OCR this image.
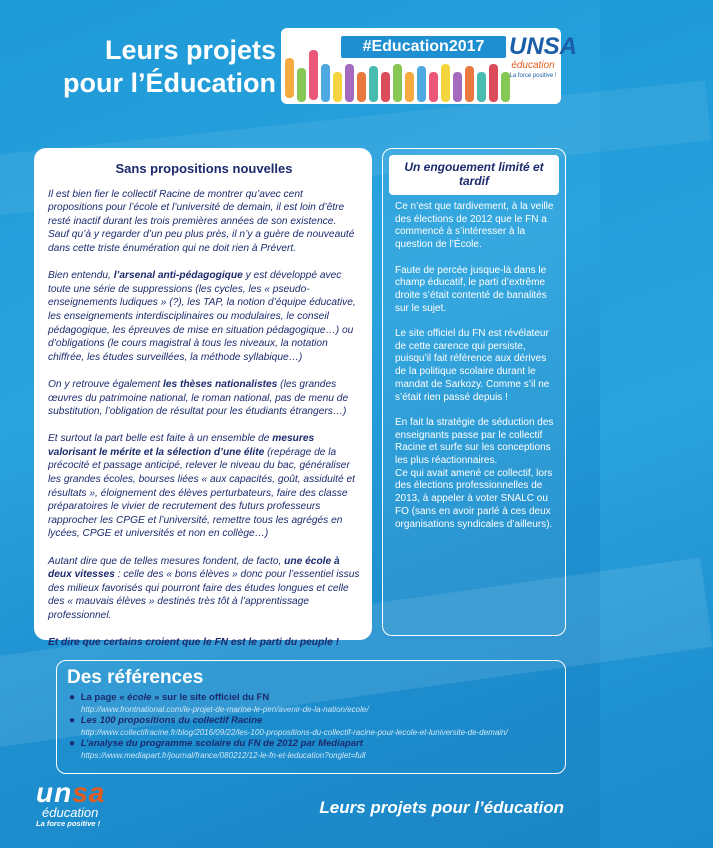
Leurs projets
pour l’Éducation
#Education2017	UNSA
éducation
La force positive !
Sans propositions nouvelles

Il est bien fier le collectif Racine de montrer qu’avec cent propositions pour l’école et l’université de demain, il est loin d’être resté inactif durant les trois premières années de son existence. Sauf qu’à y regarder d’un peu plus près, il n’y a guère de nouveauté dans cette triste énumération qui ne doit rien à Prévert.

Bien entendu, l’arsenal anti-pédagogique y est développé avec toute une série de suppressions (les cycles, les « pseudo-enseignements ludiques » (?), les TAP, la notion d’équipe éducative, les enseignements interdisciplinaires ou modulaires, le conseil pédagogique, les épreuves de mise en situation pédagogique…) ou d’obligations (le cours magistral à tous les niveaux, la notation chiffrée, les études surveillées, la méthode syllabique…)

On y retrouve également les thèses nationalistes (les grandes œuvres du patrimoine national, le roman national, pas de menu de substitution, l’obligation de résultat pour les étudiants étrangers…)

Et surtout la part belle est faite à un ensemble de mesures valorisant le mérite et la sélection d’une élite (repérage de la précocité et passage anticipé, relever le niveau du bac, généraliser les grandes écoles, bourses liées « aux capacités, goût, assiduité et résultats », éloignement des élèves perturbateurs, faire des classe préparatoires le vivier de recrutement des futurs professeurs rapprocher les CPGE et l’université, remettre tous les agrégés en lycées, CPGE et universités et non en collège…)

Autant dire que de telles mesures fondent, de facto, une école à deux vitesses : celle des « bons élèves » donc pour l’essentiel issus des milieux favorisés qui pourront faire des études longues et celle des « mauvais élèves » destinés très tôt à l’apprentissage professionnel.

Et dire que certains croient que le FN est le parti du peuple !

Un engouement limité et tardif

Ce n’est que tardivement, à la veille des élections de 2012 que le FN a commencé à s’intéresser à la question de l’École.

Faute de percée jusque-là dans le champ éducatif, le parti d’extrême droite s’était contenté de banalités sur le sujet.

Le site officiel du FN est révélateur de cette carence qui persiste, puisqu’il fait référence aux dérives de la politique scolaire durant le mandat de Sarkozy. Comme s’il ne s’était rien passé depuis !

En fait la stratégie de séduction des enseignants passe par le collectif Racine et surfe sur les conceptions les plus réactionnaires.

Ce qui avait amené ce collectif, lors des élections professionnelles de 2013, à appeler à voter SNALC ou FO (sans en avoir parlé à ces deux organisations syndicales d’ailleurs).

Des références
● La page « école » sur le site officiel du FN
http://www.frontnational.com/le-projet-de-marine-le-pen/avenir-de-la-nation/ecole/
● Les 100 propositions du collectif Racine
http://www.collectifracine.fr/blog/2016/09/22/les-100-propositions-du-collectif-racine-pour-lecole-et-luniversite-de-demain/
● L’analyse du programme scolaire du FN de 2012 par Mediapart
https://www.mediapart.fr/journal/france/080212/12-le-fn-et-leducation?onglet=full
unsa
éducation
La force positive !
Leurs projets pour l’éducation
